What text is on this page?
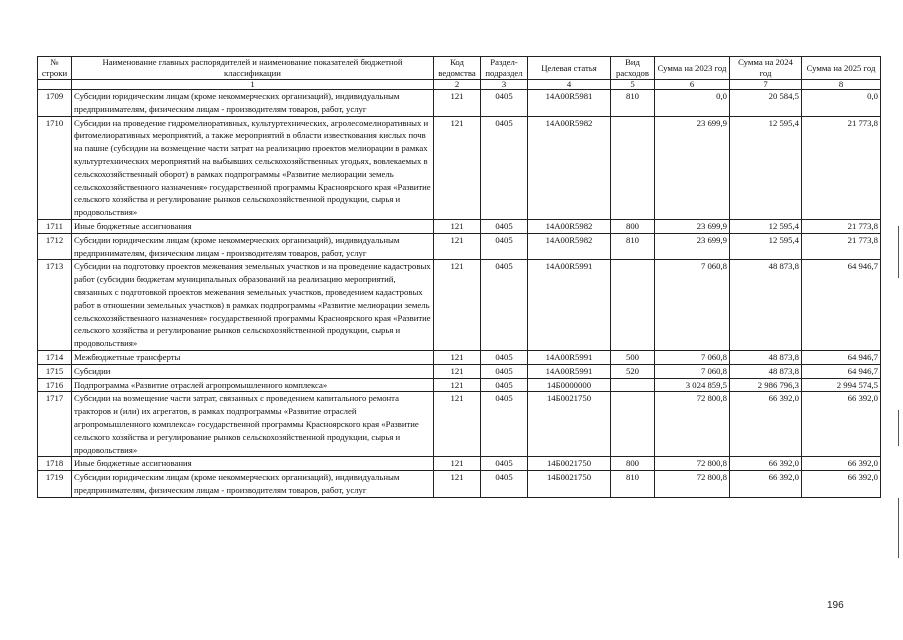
№ строки	Наименование главных распорядителей и наименование показателей бюджетной классификации	Код ведомства	Раздел-подраздел	Целевая статья	Вид расходов	Сумма на 2023 год	Сумма на 2024 год	Сумма на 2025 год
	1	2	3	4	5	6	7	8
1709	Субсидии юридическим лицам (кроме некоммерческих организаций), индивидуальным предпринимателям, физическим лицам - производителям товаров, работ, услуг	121	0405	14А00R5981	810	0,0	20 584,5	0,0
1710	Субсидии на проведение гидромелиоративных, культуртехнических, агролесомелиоративных и фитомелиоративных мероприятий, а также мероприятий в области известкования кислых почв на пашне (субсидии на возмещение части затрат на реализацию проектов мелиорации в рамках культуртехнических мероприятий на выбывших сельскохозяйственных угодьях, вовлекаемых в сельскохозяйственный оборот) в рамках подпрограммы «Развитие мелиорации земель сельскохозяйственного назначения» государственной программы Красноярского края «Развитие сельского хозяйства и регулирование рынков сельскохозяйственной продукции, сырья и продовольствия»	121	0405	14А00R5982		23 699,9	12 595,4	21 773,8
1711	Иные бюджетные ассигнования	121	0405	14А00R5982	800	23 699,9	12 595,4	21 773,8
1712	Субсидии юридическим лицам (кроме некоммерческих организаций), индивидуальным предпринимателям, физическим лицам - производителям товаров, работ, услуг	121	0405	14А00R5982	810	23 699,9	12 595,4	21 773,8
1713	Субсидии на подготовку проектов межевания земельных участков и на проведение кадастровых работ (субсидии бюджетам муниципальных образований на реализацию мероприятий, связанных с подготовкой проектов межевания земельных участков, проведением кадастровых работ в отношении земельных участков) в рамках подпрограммы «Развитие мелиорации земель сельскохозяйственного назначения» государственной программы Красноярского края «Развитие сельского хозяйства и регулирование рынков сельскохозяйственной продукции, сырья и продовольствия»	121	0405	14А00R5991		7 060,8	48 873,8	64 946,7
1714	Межбюджетные трансферты	121	0405	14А00R5991	500	7 060,8	48 873,8	64 946,7
1715	Субсидии	121	0405	14А00R5991	520	7 060,8	48 873,8	64 946,7
1716	Подпрограмма «Развитие отраслей агропромышленного комплекса»	121	0405	14Б0000000		3 024 859,5	2 986 796,3	2 994 574,5
1717	Субсидии на возмещение части затрат, связанных с проведением капитального ремонта тракторов и (или) их агрегатов, в рамках подпрограммы «Развитие отраслей агропромышленного комплекса» государственной программы Красноярского края «Развитие сельского хозяйства и регулирование рынков сельскохозяйственной продукции, сырья и продовольствия»	121	0405	14Б0021750		72 800,8	66 392,0	66 392,0
1718	Иные бюджетные ассигнования	121	0405	14Б0021750	800	72 800,8	66 392,0	66 392,0
1719	Субсидии юридическим лицам (кроме некоммерческих организаций), индивидуальным предпринимателям, физическим лицам - производителям товаров, работ, услуг	121	0405	14Б0021750	810	72 800,8	66 392,0	66 392,0
196
